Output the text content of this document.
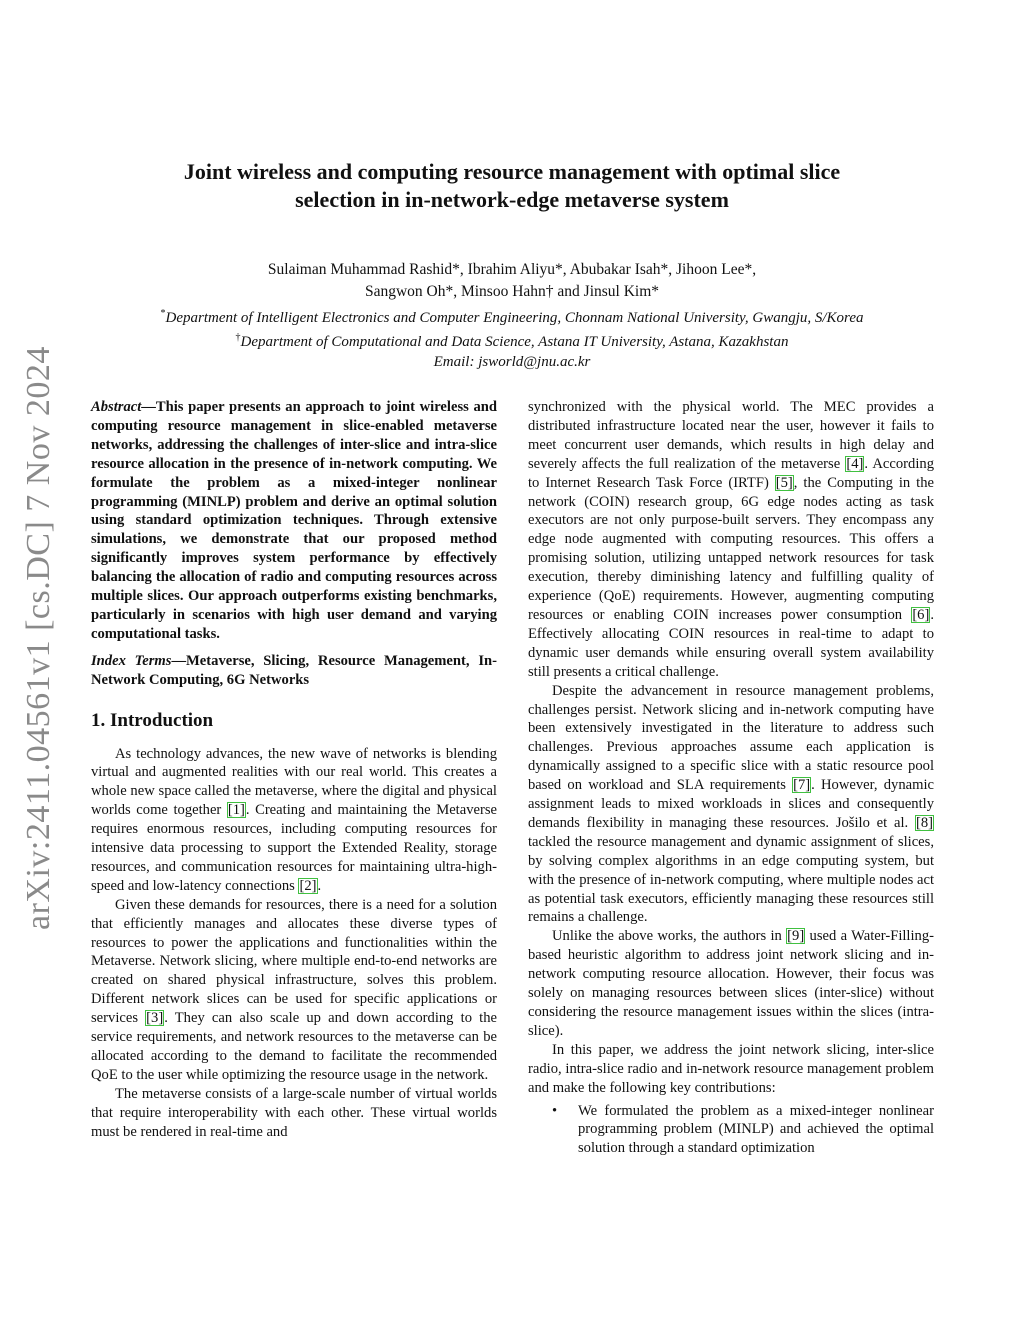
arXiv:2411.04561v1 [cs.DC] 7 Nov 2024
Joint wireless and computing resource management with optimal slice selection in in-network-edge metaverse system
Sulaiman Muhammad Rashid*, Ibrahim Aliyu*, Abubakar Isah*, Jihoon Lee*,
Sangwon Oh*, Minsoo Hahn† and Jinsul Kim*
*Department of Intelligent Electronics and Computer Engineering, Chonnam National University, Gwangju, S/Korea
†Department of Computational and Data Science, Astana IT University, Astana, Kazakhstan
Email: jsworld@jnu.ac.kr

Abstract—This paper presents an approach to joint wireless and computing resource management in slice-enabled metaverse networks, addressing the challenges of inter-slice and intra-slice resource allocation in the presence of in-network computing. We formulate the problem as a mixed-integer nonlinear programming (MINLP) problem and derive an optimal solution using standard optimization techniques. Through extensive simulations, we demonstrate that our proposed method significantly improves system performance by effectively balancing the allocation of radio and computing resources across multiple slices. Our approach outperforms existing benchmarks, particularly in scenarios with high user demand and varying computational tasks.

Index Terms—Metaverse, Slicing, Resource Management, In-Network Computing, 6G Networks

1. Introduction

As technology advances, the new wave of networks is blending virtual and augmented realities with our real world. This creates a whole new space called the metaverse, where the digital and physical worlds come together [1]. Creating and maintaining the Metaverse requires enormous resources, including computing resources for intensive data processing to support the Extended Reality, storage resources, and communication resources for maintaining ultra-high-speed and low-latency connections [2].

Given these demands for resources, there is a need for a solution that efficiently manages and allocates these diverse types of resources to power the applications and functionalities within the Metaverse. Network slicing, where multiple end-to-end networks are created on shared physical infrastructure, solves this problem. Different network slices can be used for specific applications or services [3]. They can also scale up and down according to the service requirements, and network resources to the metaverse can be allocated according to the demand to facilitate the recommended QoE to the user while optimizing the resource usage in the network.

The metaverse consists of a large-scale number of virtual worlds that require interoperability with each other. These virtual worlds must be rendered in real-time and

synchronized with the physical world. The MEC provides a distributed infrastructure located near the user, however it fails to meet concurrent user demands, which results in high delay and severely affects the full realization of the metaverse [4]. According to Internet Research Task Force (IRTF) [5], the Computing in the network (COIN) research group, 6G edge nodes acting as task executors are not only purpose-built servers. They encompass any edge node augmented with computing resources. This offers a promising solution, utilizing untapped network resources for task execution, thereby diminishing latency and fulfilling quality of experience (QoE) requirements. However, augmenting computing resources or enabling COIN increases power consumption [6]. Effectively allocating COIN resources in real-time to adapt to dynamic user demands while ensuring overall system availability still presents a critical challenge.

Despite the advancement in resource management problems, challenges persist. Network slicing and in-network computing have been extensively investigated in the literature to address such challenges. Previous approaches assume each application is dynamically assigned to a specific slice with a static resource pool based on workload and SLA requirements [7]. However, dynamic assignment leads to mixed workloads in slices and consequently demands flexibility in managing these resources. Jošilo et al. [8] tackled the resource management and dynamic assignment of slices, by solving complex algorithms in an edge computing system, but with the presence of in-network computing, where multiple nodes act as potential task executors, efficiently managing these resources still remains a challenge.

Unlike the above works, the authors in [9] used a Water-Filling-based heuristic algorithm to address joint network slicing and in-network computing resource allocation. However, their focus was solely on managing resources between slices (inter-slice) without considering the resource management issues within the slices (intra-slice).

In this paper, we address the joint network slicing, inter-slice radio, intra-slice radio and in-network resource management problem and make the following key contributions:

• We formulated the problem as a mixed-integer nonlinear programming problem (MINLP) and achieved the optimal solution through a standard optimization
